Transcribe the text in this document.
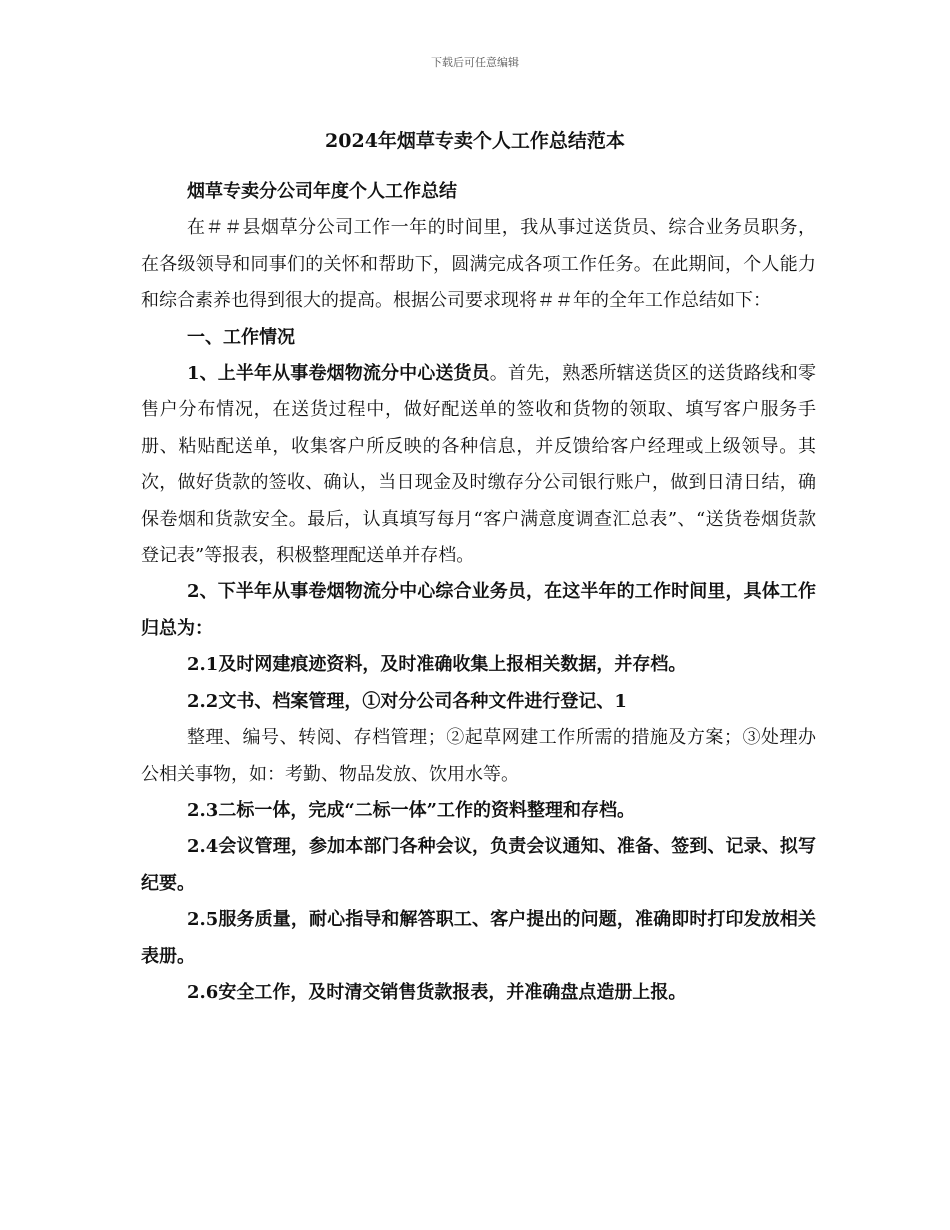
下载后可任意编辑
2024年烟草专卖个人工作总结范本

烟草专卖分公司年度个人工作总结

在＃＃县烟草分公司工作一年的时间里，我从事过送货员、综合业务员职务，在各级领导和同事们的关怀和帮助下，圆满完成各项工作任务。在此期间，个人能力和综合素养也得到很大的提高。根据公司要求现将＃＃年的全年工作总结如下：

一、工作情况

1、上半年从事卷烟物流分中心送货员。首先，熟悉所辖送货区的送货路线和零售户分布情况，在送货过程中，做好配送单的签收和货物的领取、填写客户服务手册、粘贴配送单，收集客户所反映的各种信息，并反馈给客户经理或上级领导。其次，做好货款的签收、确认，当日现金及时缴存分公司银行账户，做到日清日结，确保卷烟和货款安全。最后，认真填写每月“客户满意度调查汇总表”、“送货卷烟货款登记表”等报表，积极整理配送单并存档。

2、下半年从事卷烟物流分中心综合业务员，在这半年的工作时间里，具体工作归总为：

2.1及时网建痕迹资料，及时准确收集上报相关数据，并存档。

2.2文书、档案管理，①对分公司各种文件进行登记、1

整理、编号、转阅、存档管理；②起草网建工作所需的措施及方案；③处理办公相关事物，如：考勤、物品发放、饮用水等。

2.3二标一体，完成“二标一体”工作的资料整理和存档。

2.4会议管理，参加本部门各种会议，负责会议通知、准备、签到、记录、拟写纪要。

2.5服务质量，耐心指导和解答职工、客户提出的问题，准确即时打印发放相关表册。

2.6安全工作，及时清交销售货款报表，并准确盘点造册上报。
